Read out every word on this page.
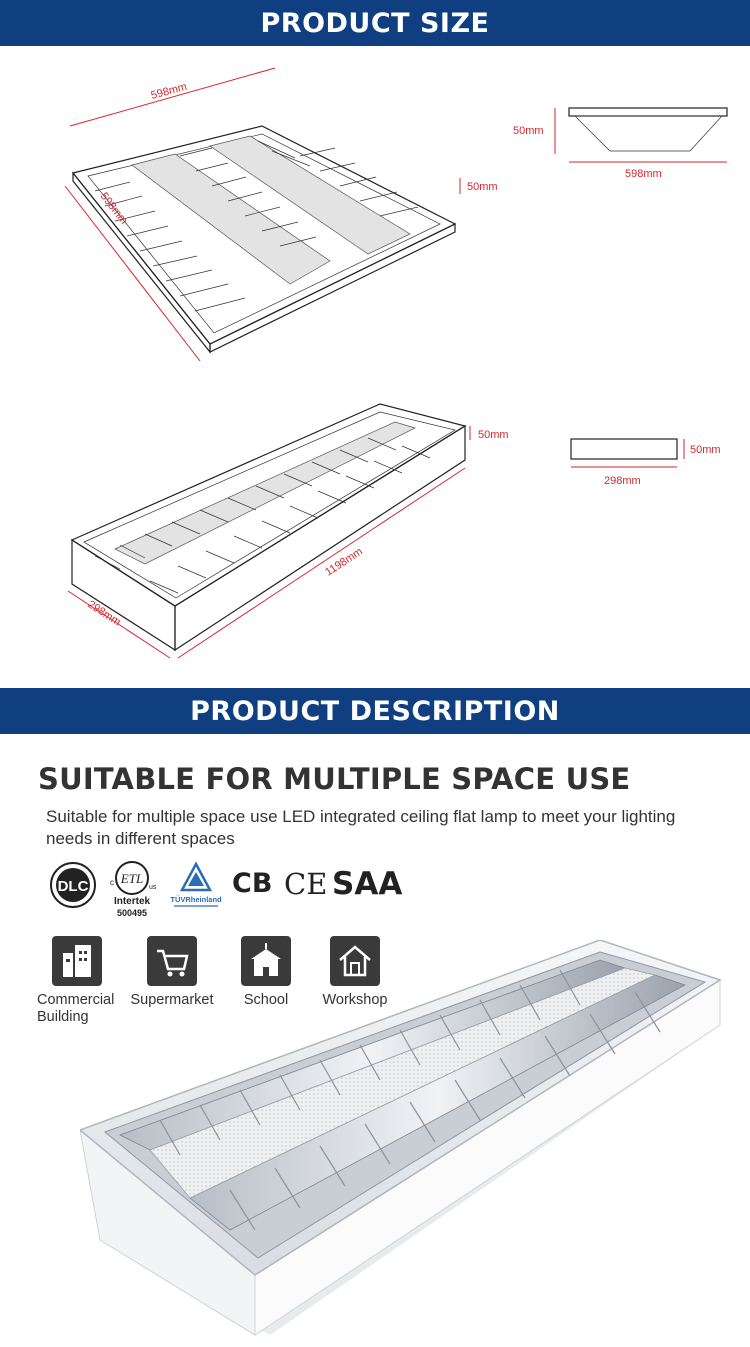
PRODUCT SIZE
598mm
598mm
50mm
50mm
598mm
50mm
1198mm
298mm
50mm
298mm
PRODUCT DESCRIPTION
SUITABLE FOR MULTIPLE SPACE USE
Suitable for multiple space use LED integrated ceiling flat lamp to meet your lighting needs in different spaces
DLC ETL
c
us
Intertek
500495
TÜVRheinland
CB CE SAA
Commercial
Building
Supermarket	School	Workshop
